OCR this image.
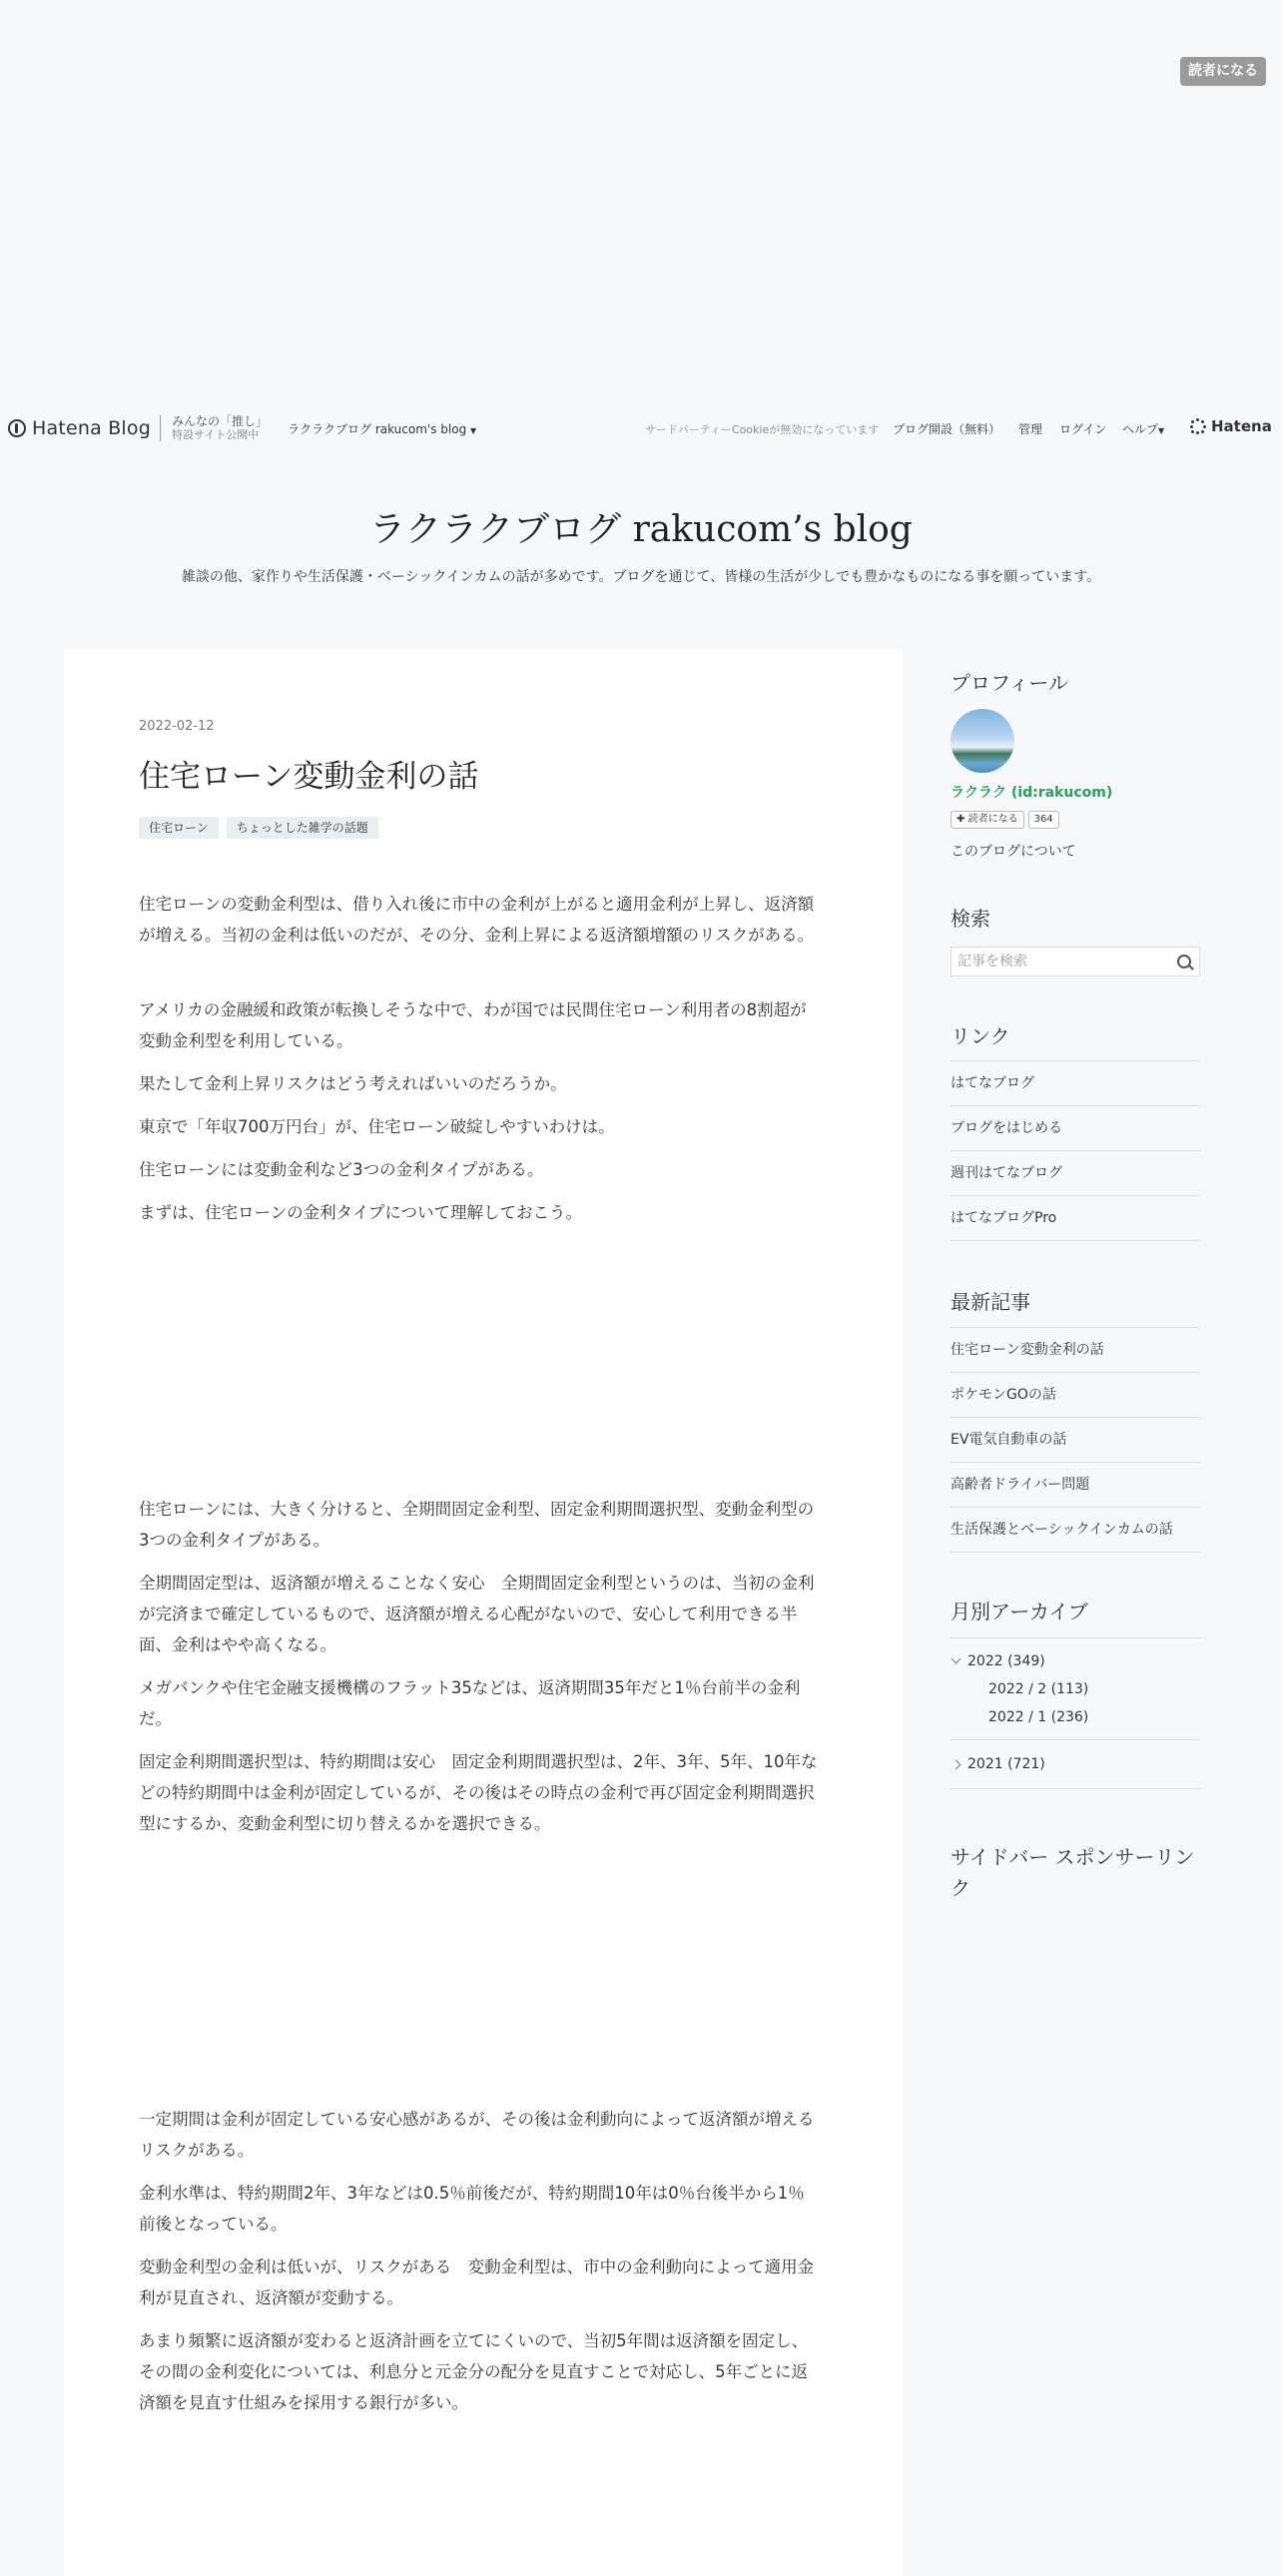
読者になる
Hatena Blog みんなの「推し」
特設サイト公開中	ラクラクブログ rakucom's blog ▼	サードパーティーCookieが無効になっています ブログ開設（無料） 管理 ログイン ヘルプ▼	Hatena
ラクラクブログ rakucom’s blog
雑談の他、家作りや生活保護・ベーシックインカムの話が多めです。ブログを通じて、皆様の生活が少しでも豊かなものになる事を願っています。
2022-02-12
住宅ローン変動金利の話
住宅ローン	ちょっとした雑学の話題

住宅ローンの変動金利型は、借り入れ後に市中の金利が上がると適用金利が上昇し、返済額が増える。当初の金利は低いのだが、その分、金利上昇による返済額増額のリスクがある。

アメリカの金融緩和政策が転換しそうな中で、わが国では民間住宅ローン利用者の8割超が変動金利型を利用している。

果たして金利上昇リスクはどう考えればいいのだろうか。

東京で「年収700万円台」が、住宅ローン破綻しやすいわけは。

住宅ローンには変動金利など3つの金利タイプがある。

まずは、住宅ローンの金利タイプについて理解しておこう。

住宅ローンには、大きく分けると、全期間固定金利型、固定金利期間選択型、変動金利型の3つの金利タイプがある。

全期間固定型は、返済額が増えることなく安心　全期間固定金利型というのは、当初の金利が完済まで確定しているもので、返済額が増える心配がないので、安心して利用できる半面、金利はやや高くなる。

メガバンクや住宅金融支援機構のフラット35などは、返済期間35年だと1％台前半の金利だ。

固定金利期間選択型は、特約期間は安心　固定金利期間選択型は、2年、3年、5年、10年などの特約期間中は金利が固定しているが、その後はその時点の金利で再び固定金利期間選択型にするか、変動金利型に切り替えるかを選択できる。

一定期間は金利が固定している安心感があるが、その後は金利動向によって返済額が増えるリスクがある。

金利水準は、特約期間2年、3年などは0.5％前後だが、特約期間10年は0％台後半から1％前後となっている。

変動金利型の金利は低いが、リスクがある　変動金利型は、市中の金利動向によって適用金利が見直され、返済額が変動する。

あまり頻繁に返済額が変わると返済計画を立てにくいので、当初5年間は返済額を固定し、その間の金利変化については、利息分と元金分の配分を見直すことで対応し、5年ごとに返済額を見直す仕組みを採用する銀行が多い。

プロフィール
ラクラク (id:rakucom)
✚ 読者になる	364
このブログについて
検索
記事を検索
リンク
はてなブログ
ブログをはじめる
週刊はてなブログ
はてなブログPro
最新記事
住宅ローン変動金利の話
ポケモンGOの話
EV電気自動車の話
高齢者ドライバー問題
生活保護とベーシックインカムの話
月別アーカイブ
2022 (349)
2022 / 2 (113)
2022 / 1 (236)
2021 (721)
サイドバー スポンサーリンク
